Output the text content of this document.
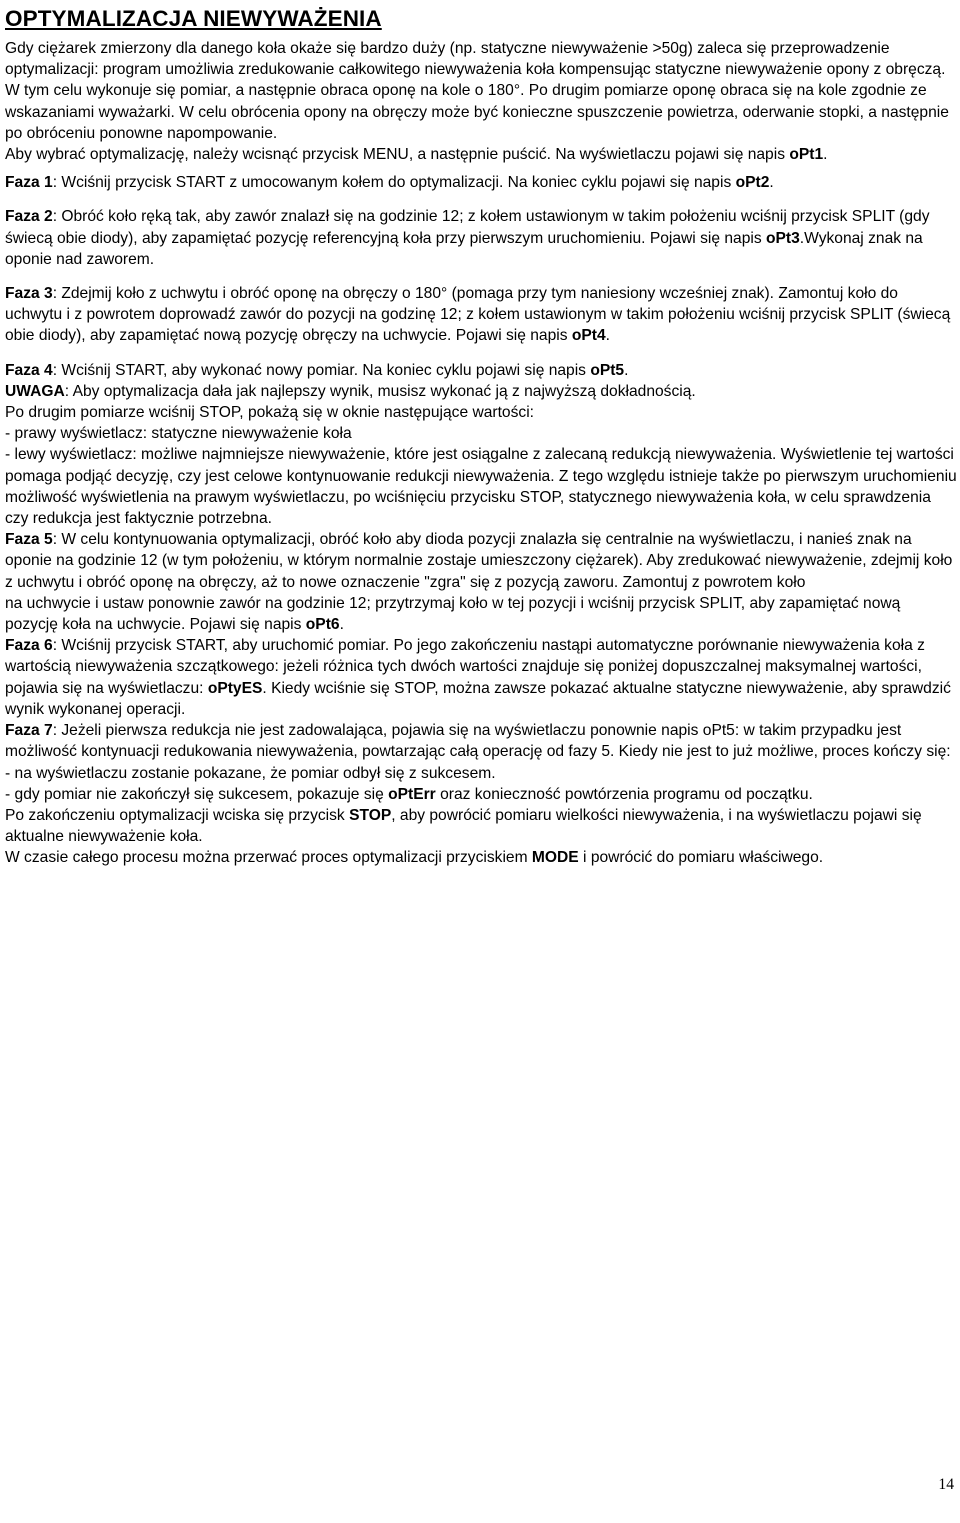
OPTYMALIZACJA NIEWYWAŻENIA

Gdy ciężarek zmierzony dla danego koła okaże się bardzo duży (np. statyczne niewyważenie >50g) zaleca się przeprowadzenie optymalizacji: program umożliwia zredukowanie całkowitego niewyważenia koła kompensując statyczne niewyważenie opony z obręczą. W tym celu wykonuje się pomiar, a następnie obraca oponę na kole o 180°. Po drugim pomiarze oponę obraca się na kole zgodnie ze wskazaniami wyważarki. W celu obrócenia opony na obręczy może być konieczne spuszczenie powietrza, oderwanie stopki, a następnie po obróceniu ponowne napompowanie.

Aby wybrać optymalizację, należy wcisnąć przycisk MENU, a następnie puścić. Na wyświetlaczu pojawi się napis oPt1.

Faza 1: Wciśnij przycisk START z umocowanym kołem do optymalizacji. Na koniec cyklu pojawi się napis oPt2.

Faza 2: Obróć koło ręką tak, aby zawór znalazł się na godzinie 12; z kołem ustawionym w takim położeniu wciśnij przycisk SPLIT (gdy świecą obie diody), aby zapamiętać pozycję referencyjną koła przy pierwszym uruchomieniu. Pojawi się napis oPt3.Wykonaj znak na oponie nad zaworem.

Faza 3: Zdejmij koło z uchwytu i obróć oponę na obręczy o 180° (pomaga przy tym naniesiony wcześniej znak). Zamontuj koło do uchwytu i z powrotem doprowadź zawór do pozycji na godzinę 12; z kołem ustawionym w takim położeniu wciśnij przycisk SPLIT (świecą obie diody), aby zapamiętać nową pozycję obręczy na uchwycie. Pojawi się napis oPt4.

Faza 4: Wciśnij START, aby wykonać nowy pomiar. Na koniec cyklu pojawi się napis oPt5.

UWAGA: Aby optymalizacja dała jak najlepszy wynik, musisz wykonać ją z najwyższą dokładnością.

Po drugim pomiarze wciśnij STOP, pokażą się w oknie następujące wartości:

- prawy wyświetlacz: statyczne niewyważenie koła

- lewy wyświetlacz: możliwe najmniejsze niewyważenie, które jest osiągalne z zalecaną redukcją niewyważenia. Wyświetlenie tej wartości pomaga podjąć decyzję, czy jest celowe kontynuowanie redukcji niewyważenia. Z tego względu istnieje także po pierwszym uruchomieniu możliwość wyświetlenia na prawym wyświetlaczu, po wciśnięciu przycisku STOP, statycznego niewyważenia koła, w celu sprawdzenia czy redukcja jest faktycznie potrzebna.

Faza 5: W celu kontynuowania optymalizacji, obróć koło aby dioda pozycji znalazła się centralnie na wyświetlaczu, i nanieś znak na oponie na godzinie 12 (w tym położeniu, w którym normalnie zostaje umieszczony ciężarek). Aby zredukować niewyważenie, zdejmij koło z uchwytu i obróć oponę na obręczy, aż to nowe oznaczenie "zgra" się z pozycją zaworu. Zamontuj z powrotem koło

na uchwycie i ustaw ponownie zawór na godzinie 12; przytrzymaj koło w tej pozycji i wciśnij przycisk SPLIT, aby zapamiętać nową pozycję koła na uchwycie. Pojawi się napis oPt6.

Faza 6: Wciśnij przycisk START, aby uruchomić pomiar. Po jego zakończeniu nastąpi automatyczne porównanie niewyważenia koła z wartością niewyważenia szczątkowego: jeżeli różnica tych dwóch wartości znajduje się poniżej dopuszczalnej maksymalnej wartości, pojawia się na wyświetlaczu: oPtyES. Kiedy wciśnie się STOP, można zawsze pokazać aktualne statyczne niewyważenie, aby sprawdzić wynik wykonanej operacji.

Faza 7: Jeżeli pierwsza redukcja nie jest zadowalająca, pojawia się na wyświetlaczu ponownie napis oPt5: w takim przypadku jest możliwość kontynuacji redukowania niewyważenia, powtarzając całą operację od fazy 5. Kiedy nie jest to już możliwe, proces kończy się:

- na wyświetlaczu zostanie pokazane, że pomiar odbył się z sukcesem.

- gdy pomiar nie zakończył się sukcesem, pokazuje się oPtErr oraz konieczność powtórzenia programu od początku.

Po zakończeniu optymalizacji wciska się przycisk STOP, aby powrócić pomiaru wielkości niewyważenia, i na wyświetlaczu pojawi się aktualne niewyważenie koła.

W czasie całego procesu można przerwać proces optymalizacji przyciskiem MODE i powrócić do pomiaru właściwego.

14
